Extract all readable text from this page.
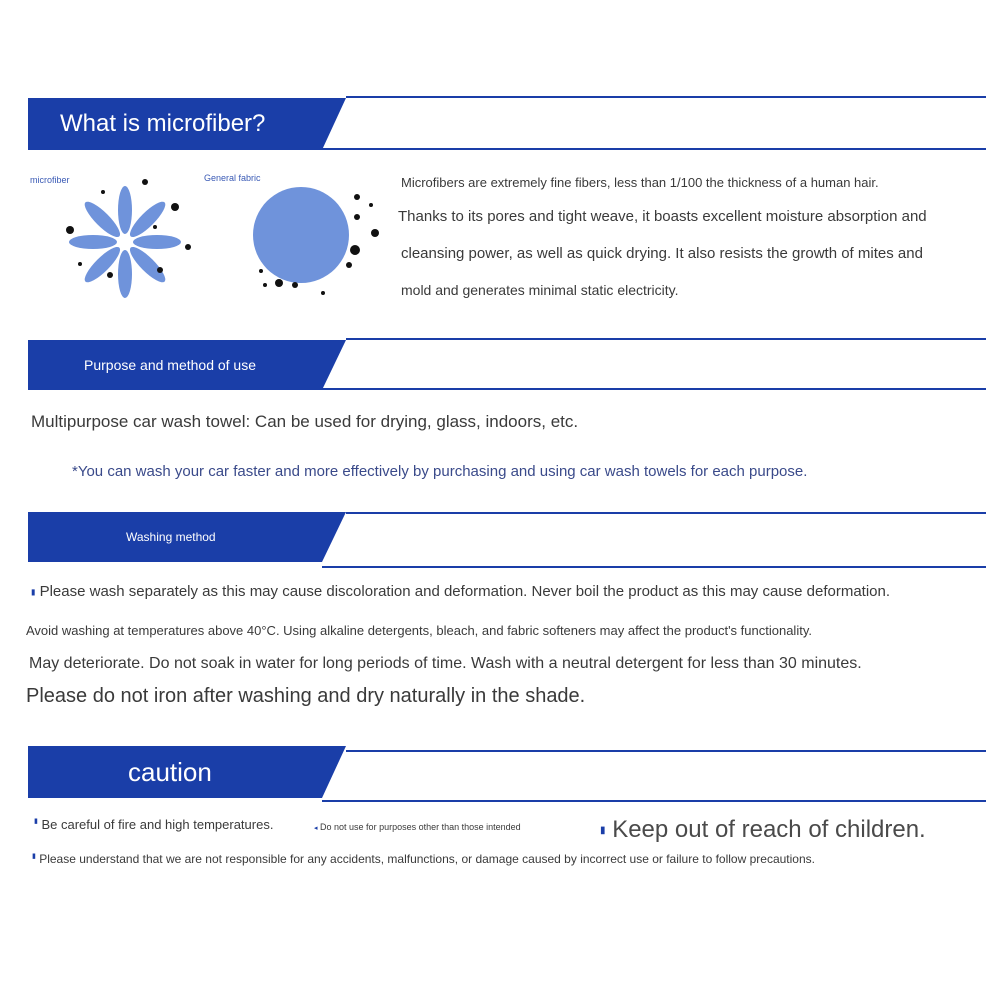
What is microfiber?
microfiber	General fabric	Microfibers are extremely fine fibers, less than 1/100 the thickness of a human hair.
Thanks to its pores and tight weave, it boasts excellent moisture absorption and
cleansing power, as well as quick drying. It also resists the growth of mites and
mold and generates minimal static electricity.
Purpose and method of use
Multipurpose car wash towel: Can be used for drying, glass, indoors, etc.
*You can wash your car faster and more effectively by purchasing and using car wash towels for each purpose.
Washing method
▮ Please wash separately as this may cause discoloration and deformation. Never boil the product as this may cause deformation.
Avoid washing at temperatures above 40°C. Using alkaline detergents, bleach, and fabric softeners may affect the product's functionality.
May deteriorate. Do not soak in water for long periods of time. Wash with a neutral detergent for less than 30 minutes.
Please do not iron after washing and dry naturally in the shade.
caution
▮ Be careful of fire and high temperatures.	◂ Do not use for purposes other than those intended	▮ Keep out of reach of children.
▮ Please understand that we are not responsible for any accidents, malfunctions, or damage caused by incorrect use or failure to follow precautions.
